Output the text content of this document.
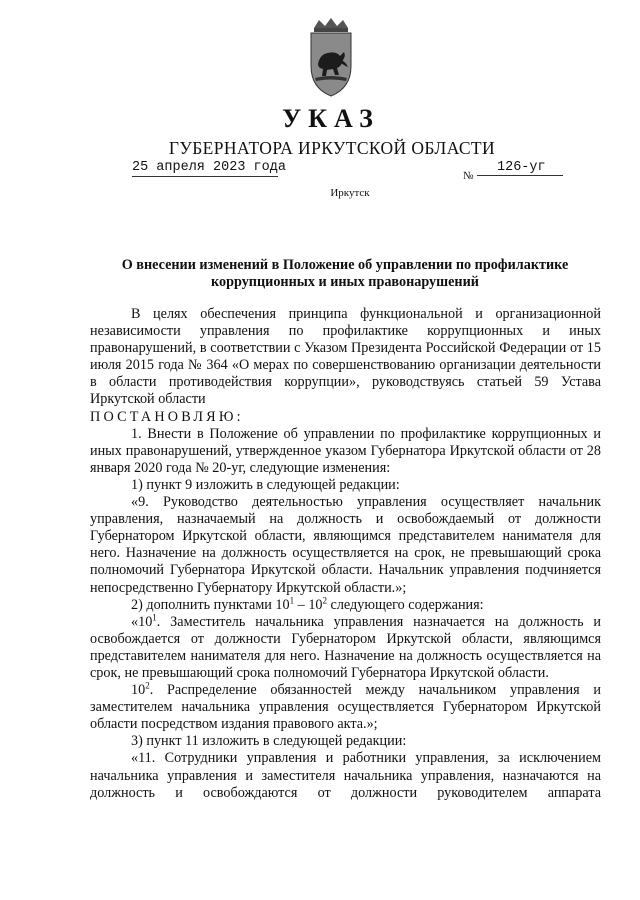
УКАЗ
ГУБЕРНАТОРА ИРКУТСКОЙ ОБЛАСТИ
25 апреля 2023 года
№
126-уг
Иркутск
О внесении изменений в Положение об управлении по профилактике
коррупционных и иных правонарушений

В целях обеспечения принципа функциональной и организационной независимости управления по профилактике коррупционных и иных правонарушений, в соответствии с Указом Президента Российской Федерации от 15 июля 2015 года № 364 «О мерах по совершенствованию организации деятельности в области противодействия коррупции», руководствуясь статьей 59 Устава Иркутской области

ПОСТАНОВЛЯЮ:

1. Внести в Положение об управлении по профилактике коррупционных и иных правонарушений, утвержденное указом Губернатора Иркутской области от 28 января 2020 года № 20-уг, следующие изменения:

1) пункт 9 изложить в следующей редакции:

«9. Руководство деятельностью управления осуществляет начальник управления, назначаемый на должность и освобождаемый от должности Губернатором Иркутской области, являющимся представителем нанимателя для него. Назначение на должность осуществляется на срок, не превышающий срока полномочий Губернатора Иркутской области. Начальник управления подчиняется непосредственно Губернатору Иркутской области.»;

2) дополнить пунктами $10^1 - 10^2$ следующего содержания:

«$10^1$. Заместитель начальника управления назначается на должность и освобождается от должности Губернатором Иркутской области, являющимся представителем нанимателя для него. Назначение на должность осуществляется на срок, не превышающий срока полномочий Губернатора Иркутской области.

$10^2$. Распределение обязанностей между начальником управления и заместителем начальника управления осуществляется Губернатором Иркутской области посредством издания правового акта.»;

3) пункт 11 изложить в следующей редакции:

«11. Сотрудники управления и работники управления, за исключением начальника управления и заместителя начальника управления, назначаются на должность и освобождаются от должности руководителем аппарата
